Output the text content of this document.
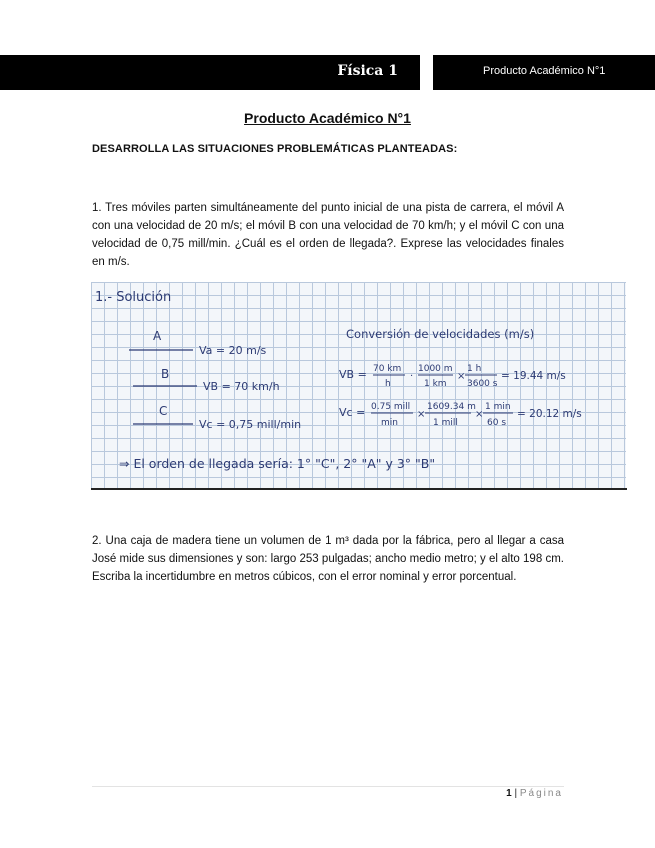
Física 1	Producto Académico N°1
Producto Académico N°1
DESARROLLA LAS SITUACIONES PROBLEMÁTICAS PLANTEADAS:
1. Tres móviles parten simultáneamente del punto inicial de una pista de carrera, el móvil A con una velocidad de 20 m/s; el móvil B con una velocidad de 70 km/h; y el móvil C con una velocidad de 0,75 mill/min. ¿Cuál es el orden de llegada?. Exprese las velocidades finales en m/s.
1.- Solución
A
Va = 20 m/s
B
VB = 70 km/h
C
Vc = 0,75 mill/min
Conversión de velocidades (m/s)
VB = 70 km
h
·
1000 m
1 km
×
1 h
3600 s
= 19.44 m/s
Vc = 0.75 mill
min
×
1609.34 m
1 mill
×
1 min
60 s
= 20.12 m/s
⇒ El orden de llegada sería: 1° "C", 2° "A" y 3° "B"
2. Una caja de madera tiene un volumen de 1 m³ dada por la fábrica, pero al llegar a casa José mide sus dimensiones y son: largo 253 pulgadas; ancho medio metro; y el alto 198 cm. Escriba la incertidumbre en metros cúbicos, con el error nominal y error porcentual.
1 | Página
